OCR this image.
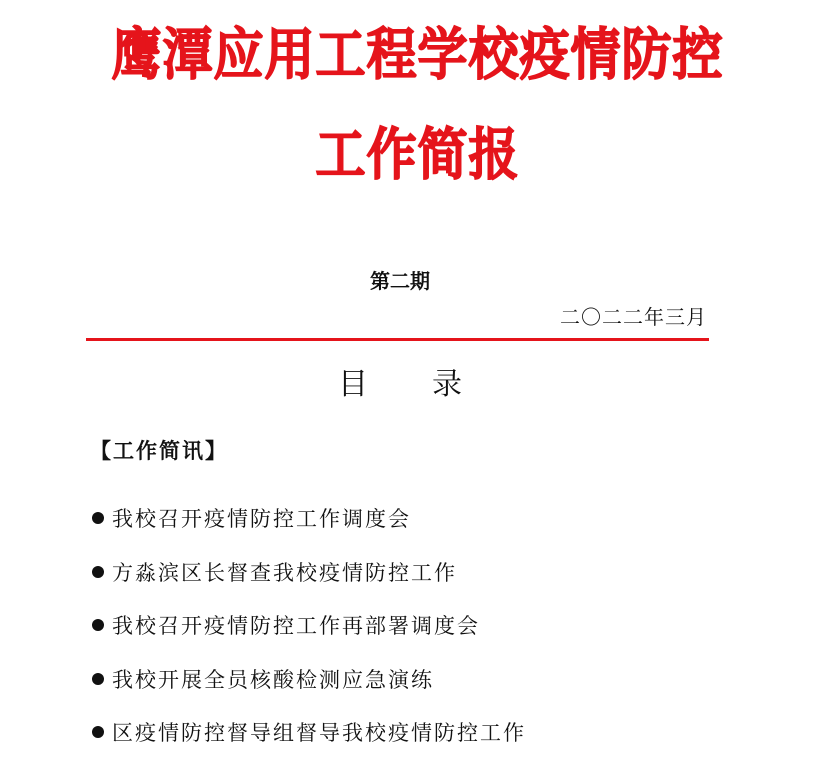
鹰潭应用工程学校疫情防控
工作简报
第二期
二〇二二年三月
目 录
【工作简讯】
我校召开疫情防控工作调度会
方淼滨区长督查我校疫情防控工作
我校召开疫情防控工作再部署调度会
我校开展全员核酸检测应急演练
区疫情防控督导组督导我校疫情防控工作
